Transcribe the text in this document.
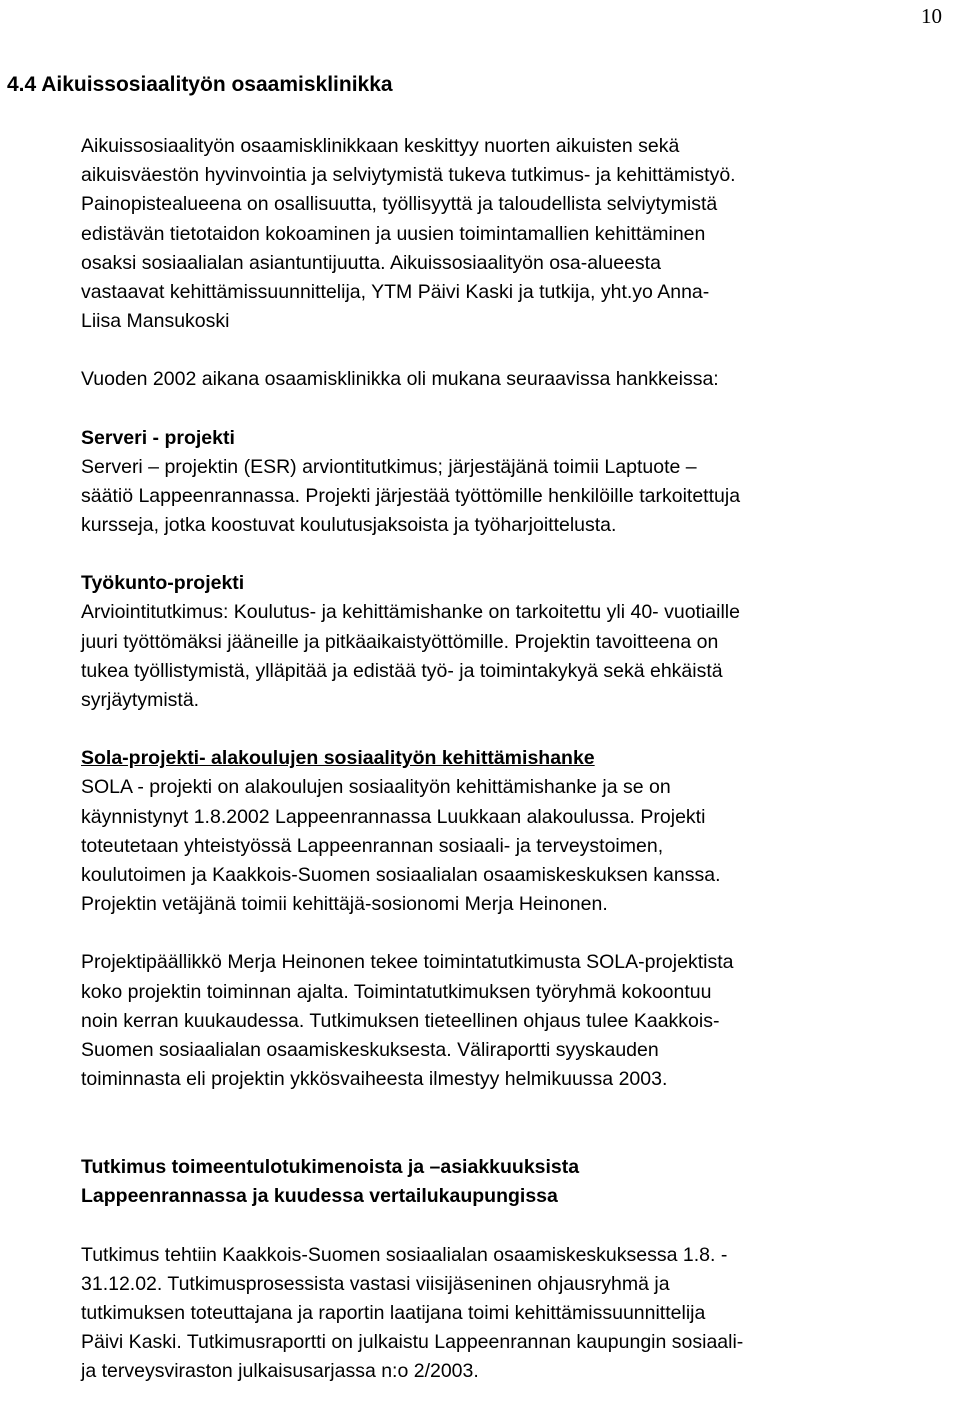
10
4.4 Aikuissosiaalityön osaamisklinikka
Aikuissosiaalityön osaamisklinikkaan keskittyy nuorten aikuisten sekä
aikuisväestön hyvinvointia ja selviytymistä tukeva tutkimus- ja kehittämistyö.
Painopistealueena on osallisuutta, työllisyyttä ja taloudellista selviytymistä
edistävän tietotaidon kokoaminen ja uusien toimintamallien kehittäminen
osaksi sosiaalialan asiantuntijuutta. Aikuissosiaalityön osa-alueesta
vastaavat kehittämissuunnittelija, YTM Päivi Kaski ja tutkija, yht.yo Anna-
Liisa Mansukoski
Vuoden 2002 aikana osaamisklinikka oli mukana seuraavissa hankkeissa:
Serveri - projekti
Serveri – projektin (ESR) arviontitutkimus; järjestäjänä toimii Laptuote –
säätiö Lappeenrannassa. Projekti järjestää työttömille henkilöille tarkoitettuja
kursseja, jotka koostuvat koulutusjaksoista ja työharjoittelusta.
Työkunto-projekti
Arviointitutkimus: Koulutus- ja kehittämishanke on tarkoitettu yli 40- vuotiaille
juuri työttömäksi jääneille ja pitkäaikaistyöttömille. Projektin tavoitteena on
tukea työllistymistä, ylläpitää ja edistää työ- ja toimintakykyä sekä ehkäistä
syrjäytymistä.
Sola-projekti- alakoulujen sosiaalityön kehittämishanke
SOLA - projekti on alakoulujen sosiaalityön kehittämishanke ja se on
käynnistynyt 1.8.2002 Lappeenrannassa Luukkaan alakoulussa. Projekti
toteutetaan yhteistyössä Lappeenrannan sosiaali- ja terveystoimen,
koulutoimen ja Kaakkois-Suomen sosiaalialan osaamiskeskuksen kanssa.
Projektin vetäjänä toimii kehittäjä-sosionomi Merja Heinonen.
Projektipäällikkö Merja Heinonen tekee toimintatutkimusta SOLA-projektista
koko projektin toiminnan ajalta. Toimintatutkimuksen työryhmä kokoontuu
noin kerran kuukaudessa. Tutkimuksen tieteellinen ohjaus tulee Kaakkois-
Suomen sosiaalialan osaamiskeskuksesta. Väliraportti syyskauden
toiminnasta eli projektin ykkösvaiheesta ilmestyy helmikuussa 2003.
Tutkimus toimeentulotukimenoista ja –asiakkuuksista
Lappeenrannassa ja kuudessa vertailukaupungissa
Tutkimus tehtiin Kaakkois-Suomen sosiaalialan osaamiskeskuksessa 1.8. -
31.12.02. Tutkimusprosessista vastasi viisijäseninen ohjausryhmä ja
tutkimuksen toteuttajana ja raportin laatijana toimi kehittämissuunnittelija
Päivi Kaski. Tutkimusraportti on julkaistu Lappeenrannan kaupungin sosiaali-
ja terveysviraston julkaisusarjassa n:o 2/2003.
